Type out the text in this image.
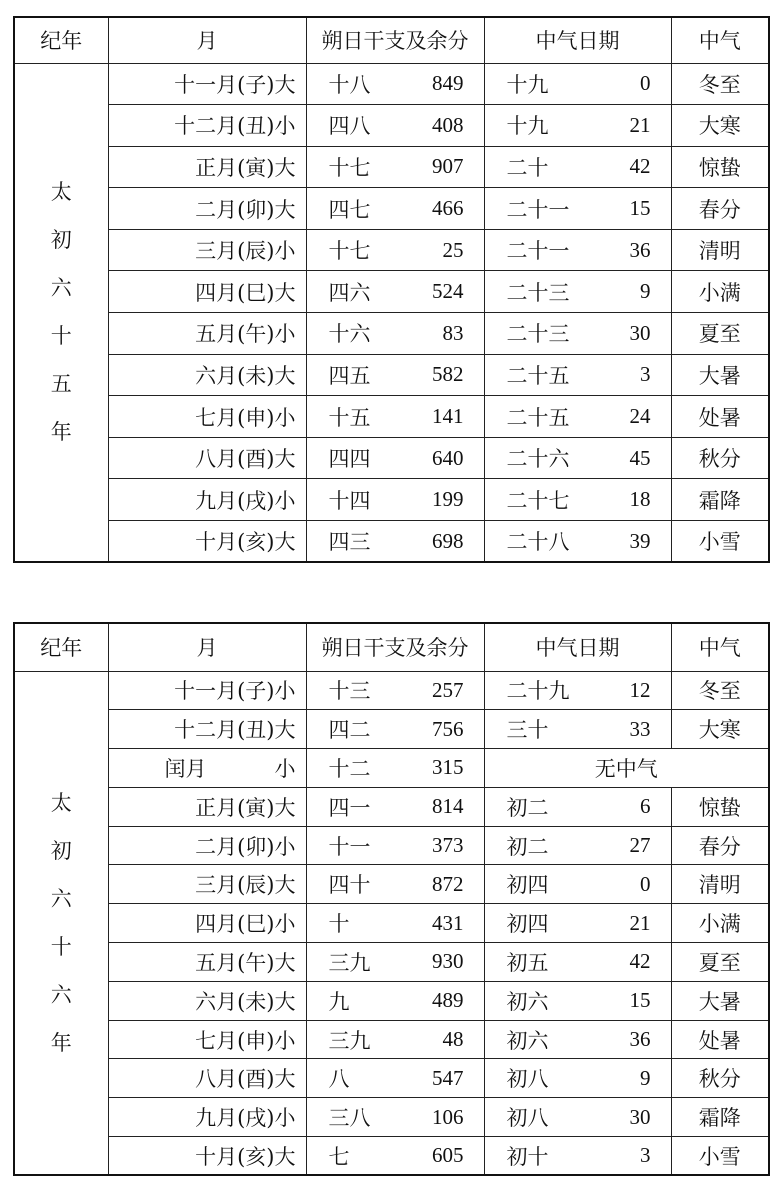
纪年	月	朔日干支及余分	中气日期	中气
太初六十五年	十一月(子)大	十八 849	十九 0	冬至
	十二月(丑)小	四八 408	十九 21	大寒
	正月(寅)大	十七 907	二十 42	惊蛰
	二月(卯)大	四七 466	二十一 15	春分
	三月(辰)小	十七 25	二十一 36	清明
	四月(巳)大	四六 524	二十三 9	小满
	五月(午)小	十六 83	二十三 30	夏至
	六月(未)大	四五 582	二十五 3	大暑
	七月(申)小	十五 141	二十五 24	处暑
	八月(酉)大	四四 640	二十六 45	秋分
	九月(戌)小	十四 199	二十七 18	霜降
	十月(亥)大	四三 698	二十八 39	小雪
纪年	月	朔日干支及余分	中气日期	中气
太初六十六年	十一月(子)小	十三 257	二十九 12	冬至
	十二月(丑)大	四二 756	三十 33	大寒

	闰月 小	十二 315	无中气	
	正月(寅)大	四一 814	初二 6	惊蛰
	二月(卯)小	十一 373	初二 27	春分
	三月(辰)大	四十 872	初四 0	清明
	四月(巳)小	十 431	初四 21	小满
	五月(午)大	三九 930	初五 42	夏至
	六月(未)大	九 489	初六 15	大暑
	七月(申)小	三九 48	初六 36	处暑
	八月(酉)大	八 547	初八 9	秋分
	九月(戌)小	三八 106	初八 30	霜降
	十月(亥)大	七 605	初十 3	小雪
